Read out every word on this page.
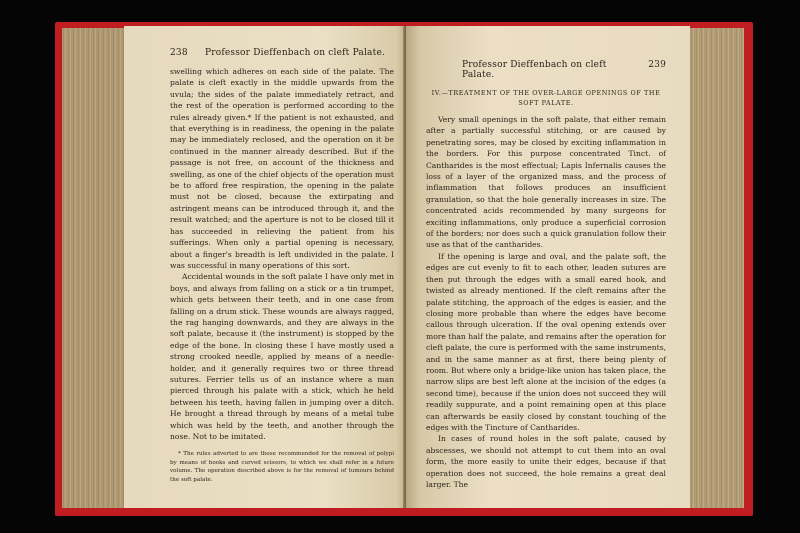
238	Professor Dieffenbach on cleft Palate.

swelling which adheres on each side of the palate. The palate is cleft exactly in the middle upwards from the uvula; the sides of the palate immediately retract, and the rest of the operation is performed according to the rules already given.* If the patient is not exhausted, and that everything is in readiness, the opening in the palate may be immediately reclosed, and the operation on it be continued in the manner already described. But if the passage is not free, on account of the thickness and swelling, as one of the chief objects of the operation must be to afford free respiration, the opening in the palate must not be closed, because the extirpating and astringent means can be introduced through it, and the result watched; and the aperture is not to be closed till it has succeeded in relieving the patient from his sufferings. When only a partial opening is necessary, about a finger's breadth is left undivided in the palate. I was successful in many operations of this sort.

Accidental wounds in the soft palate I have only met in boys, and always from falling on a stick or a tin trumpet, which gets between their teeth, and in one case from falling on a drum stick. These wounds are always ragged, the rag hanging downwards, and they are always in the soft palate, because it (the instrument) is stopped by the edge of the bone. In closing these I have mostly used a strong crooked needle, applied by means of a needle-holder, and it generally requires two or three thread sutures. Ferrier tells us of an instance where a man pierced through his palate with a stick, which he held between his teeth, having fallen in jumping over a ditch. He brought a thread through by means of a metal tube which was held by the teeth, and another through the nose. Not to be imitated.

* The rules adverted to are those recommended for the removal of polypi by means of hooks and curved scissors, to which we shall refer in a future volume. The operation described above is for the removal of tumours behind the soft palate.
Professor Dieffenbach on cleft Palate.
239
IV.—TREATMENT OF THE OVER-LARGE OPENINGS OF THE SOFT PALATE.

Very small openings in the soft palate, that either remain after a partially successful stitching, or are caused by penetrating sores, may be closed by exciting inflammation in the borders. For this purpose concentrated Tinct. of Cantharides is the most effectual; Lapis Infernalis causes the loss of a layer of the organized mass, and the process of inflammation that follows produces an insufficient granulation, so that the hole generally increases in size. The concentrated acids recommended by many surgeons for exciting inflammations, only produce a superficial corrosion of the borders; nor does such a quick granulation follow their use as that of the cantharides.

If the opening is large and oval, and the palate soft, the edges are cut evenly to fit to each other, leaden sutures are then put through the edges with a small eared hook, and twisted as already mentioned. If the cleft remains after the palate stitching, the approach of the edges is easier, and the closing more probable than where the edges have become callous through ulceration. If the oval opening extends over more than half the palate, and remains after the operation for cleft palate, the cure is performed with the same instruments, and in the same manner as at first, there being plenty of room. But where only a bridge-like union has taken place, the narrow slips are best left alone at the incision of the edges (a second time), because if the union does not succeed they will readily suppurate, and a point remaining open at this place can afterwards be easily closed by constant touching of the edges with the Tincture of Cantharides.

In cases of round holes in the soft palate, caused by abscesses, we should not attempt to cut them into an oval form, the more easily to unite their edges, because if that operation does not succeed, the hole remains a great deal larger. The
